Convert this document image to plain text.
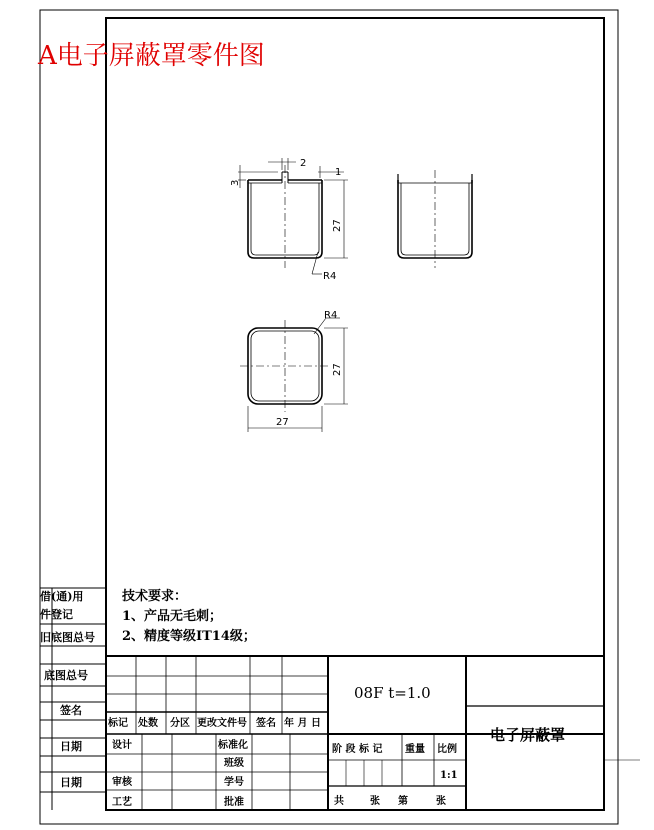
A电子屏蔽罩零件图
2
1
3
27
R4
R4
27
27
技术要求：
1、产品无毛刺；
2、精度等级IT14级；
借(通)用
件登记
旧底图总号
底图总号
签名
日期
日期
标记 处数 分区 更改文件号 签名 年 月 日
设计
审核
工艺
标准化
班级
学号
批准
08F t=1.0
电子屏蔽罩
阶 段 标 记 重量 比例
1:1
共	张 第	张
